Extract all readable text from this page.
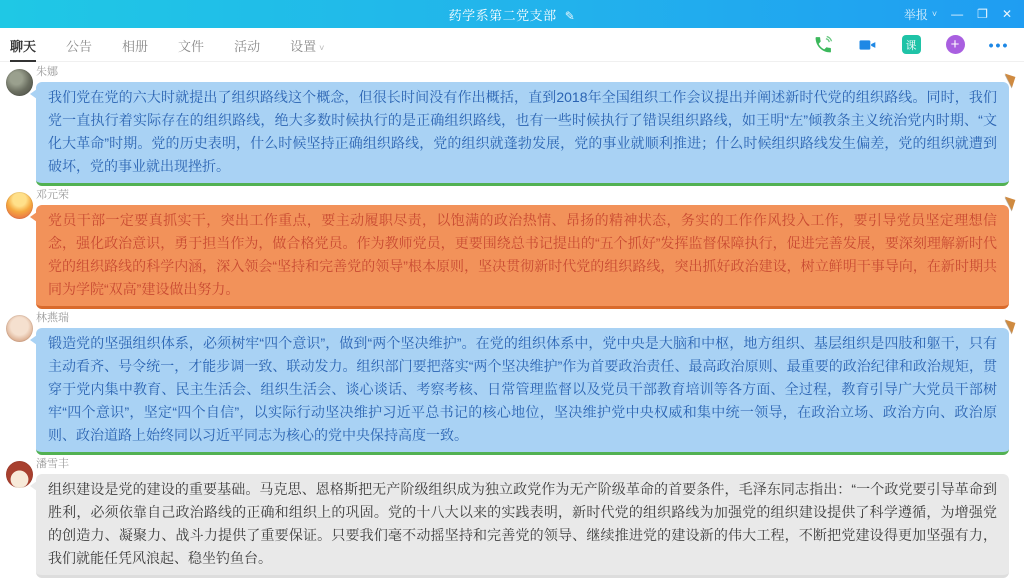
药学系第二党支部 ✎	举报 ˅ — ❐ ✕
聊天 公告 相册 文件 活动 设置 ˅	课	+	•••
朱娜
我们党在党的六大时就提出了组织路线这个概念，但很长时间没有作出概括，直到2018年全国组织工作会议提出并阐述新时代党的组织路线。同时，我们党一直执行着实际存在的组织路线，绝大多数时候执行的是正确组织路线，也有一些时候执行了错误组织路线，如王明“左”倾教条主义统治党内时期、“文化大革命”时期。党的历史表明，什么时候坚持正确组织路线，党的组织就蓬勃发展，党的事业就顺利推进；什么时候组织路线发生偏差，党的组织就遭到破坏，党的事业就出现挫折。
邓元荣
党员干部一定要真抓实干，突出工作重点，要主动履职尽责，以饱满的政治热情、昂扬的精神状态，务实的工作作风投入工作，要引导党员坚定理想信念，强化政治意识，勇于担当作为，做合格党员。作为教师党员，更要围绕总书记提出的“五个抓好”发挥监督保障执行，促进完善发展，要深刻理解新时代党的组织路线的科学内涵，深入领会“坚持和完善党的领导”根本原则，坚决贯彻新时代党的组织路线，突出抓好政治建设，树立鲜明干事导向，在新时期共同为学院“双高”建设做出努力。
林燕瑞
锻造党的坚强组织体系，必须树牢“四个意识”，做到“两个坚决维护”。在党的组织体系中，党中央是大脑和中枢，地方组织、基层组织是四肢和躯干，只有主动看齐、号令统一，才能步调一致、联动发力。组织部门要把落实“两个坚决维护”作为首要政治责任、最高政治原则、最重要的政治纪律和政治规矩，贯穿于党内集中教育、民主生活会、组织生活会、谈心谈话、考察考核、日常管理监督以及党员干部教育培训等各方面、全过程，教育引导广大党员干部树牢“四个意识”，坚定“四个自信”，以实际行动坚决维护习近平总书记的核心地位，坚决维护党中央权威和集中统一领导，在政治立场、政治方向、政治原则、政治道路上始终同以习近平同志为核心的党中央保持高度一致。
潘雪丰
组织建设是党的建设的重要基础。马克思、恩格斯把无产阶级组织成为独立政党作为无产阶级革命的首要条件，毛泽东同志指出：“一个政党要引导革命到胜利，必须依靠自己政治路线的正确和组织上的巩固。党的十八大以来的实践表明，新时代党的组织路线为加强党的组织建设提供了科学遵循，为增强党的创造力、凝聚力、战斗力提供了重要保证。只要我们毫不动摇坚持和完善党的领导、继续推进党的建设新的伟大工程，不断把党建设得更加坚强有力，我们就能任凭风浪起、稳坐钓鱼台。
